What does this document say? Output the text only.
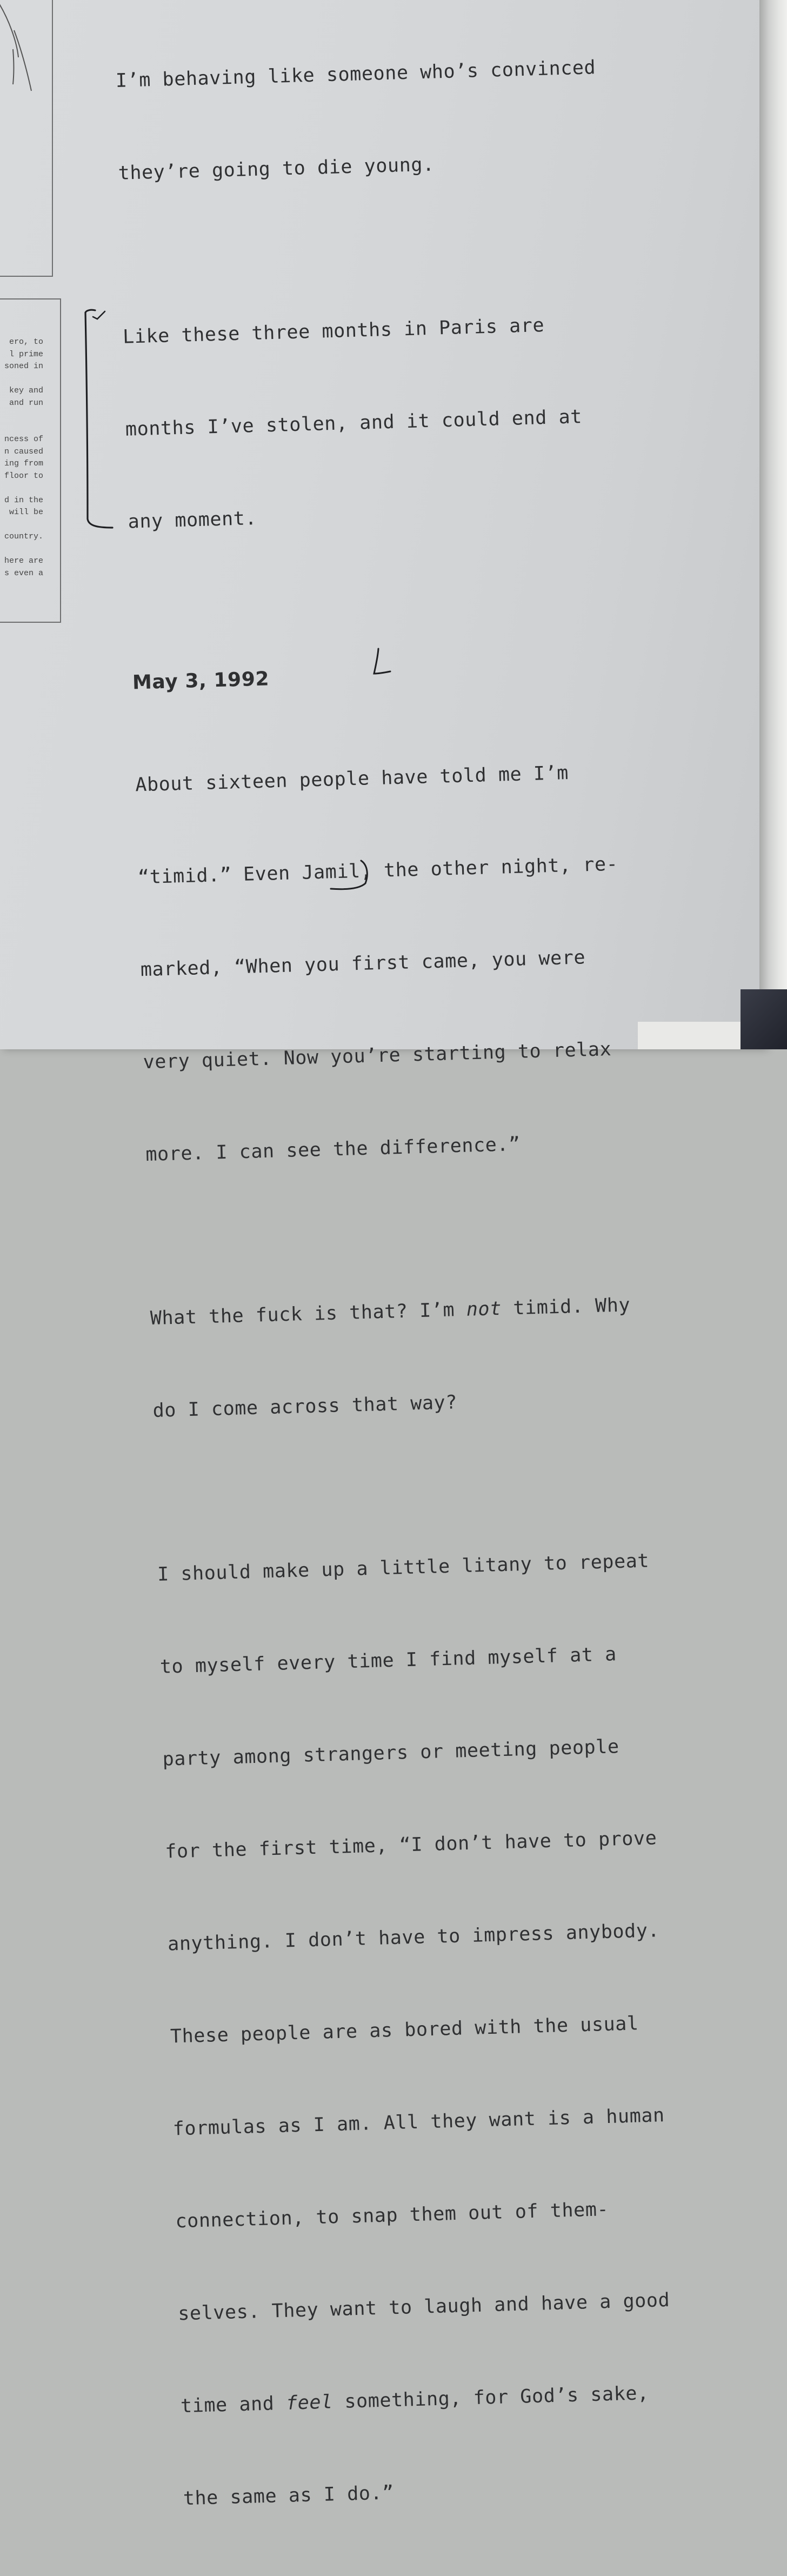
ero, to
l prime
soned in

key and
and run

ncess of
n caused
ing from
floor to

d in the
will be

country.

here are
s even a

I’m behaving like someone who’s convinced

they’re going to die young.

Like these three months in Paris are

months I’ve stolen, and it could end at

any moment.

May 3, 1992

About sixteen people have told me I’m

“timid.” Even Jamil, the other night, re-

marked, “When you first came, you were

very quiet. Now you’re starting to relax

more. I can see the difference.”

What the fuck is that? I’m not timid. Why

do I come across that way?

I should make up a little litany to repeat

to myself every time I find myself at a

party among strangers or meeting people

for the first time, “I don’t have to prove

anything. I don’t have to impress anybody.

These people are as bored with the usual

formulas as I am. All they want is a human

connection, to snap them out of them-

selves. They want to laugh and have a good

time and feel something, for God’s sake,

the same as I do.”
